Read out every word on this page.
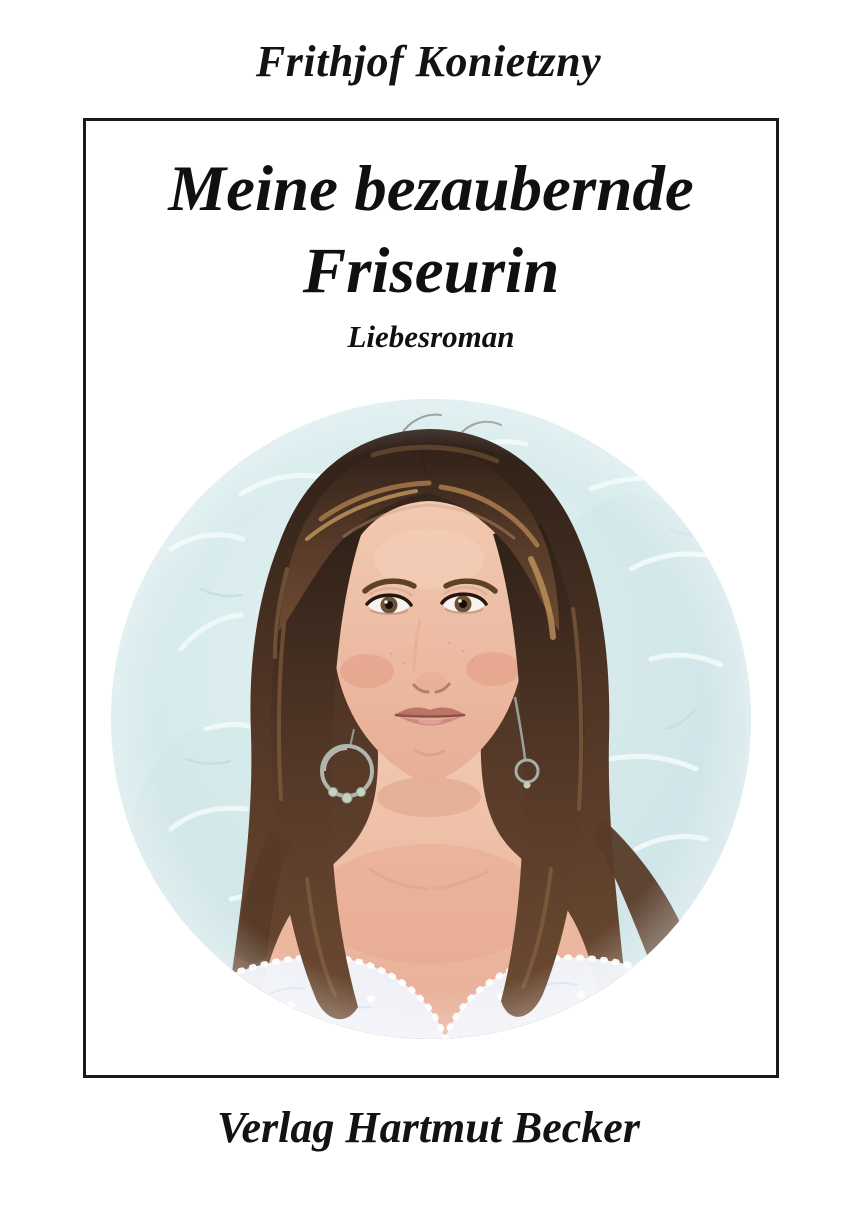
Frithjof Konietzny
Meine bezaubernde
Friseurin
Liebesroman
Verlag Hartmut Becker
